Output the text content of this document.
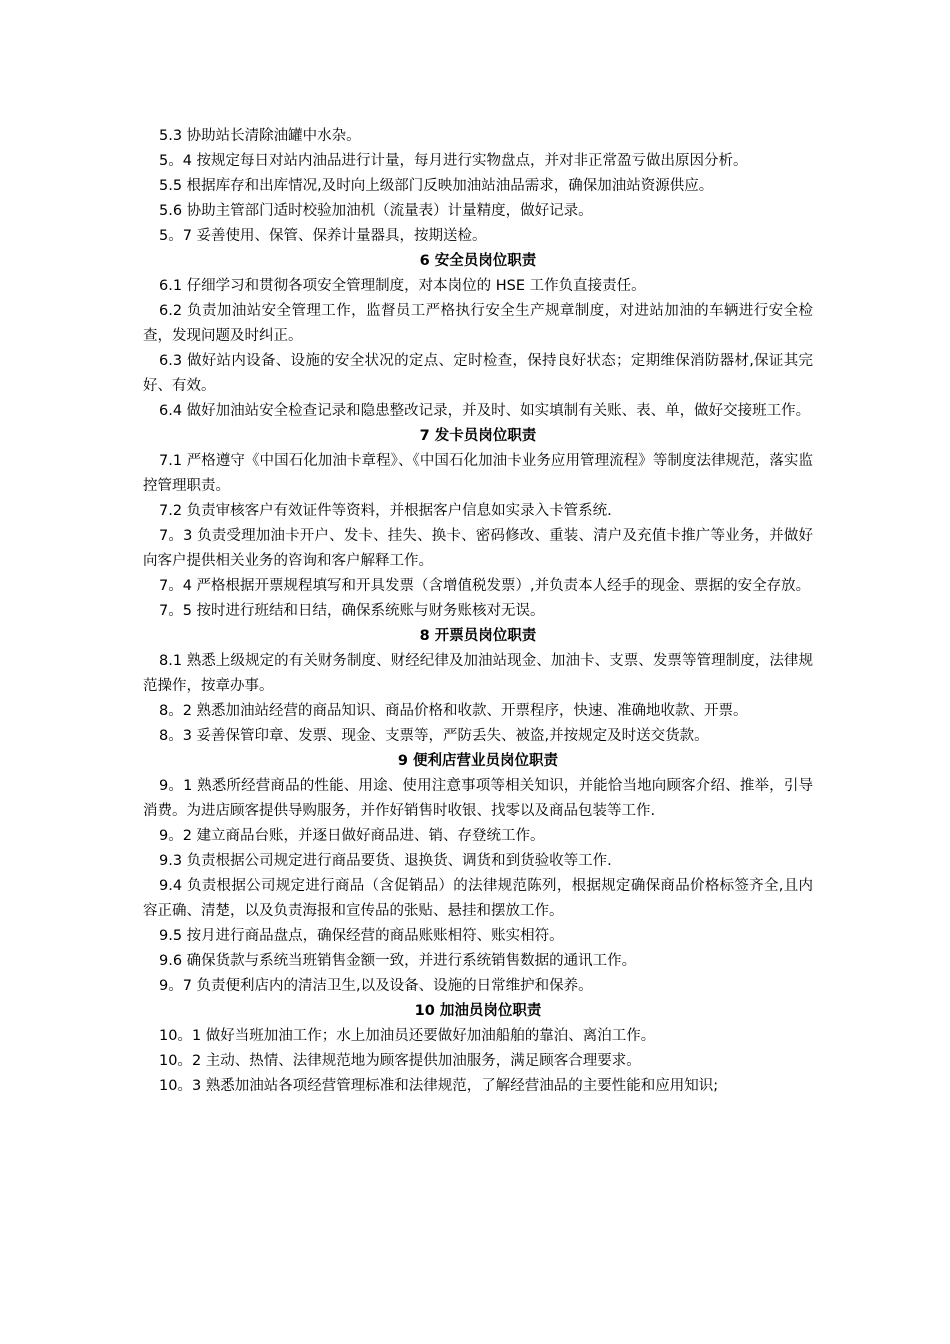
5.3 协助站长清除油罐中水杂。
5。4 按规定每日对站内油品进行计量，每月进行实物盘点，并对非正常盈亏做出原因分析。
5.5 根据库存和出库情况,及时向上级部门反映加油站油品需求，确保加油站资源供应。
5.6 协助主管部门适时校验加油机（流量表）计量精度，做好记录。
5。7 妥善使用、保管、保养计量器具，按期送检。
6 安全员岗位职责
6.1 仔细学习和贯彻各项安全管理制度，对本岗位的 HSE 工作负直接责任。
6.2 负责加油站安全管理工作，监督员工严格执行安全生产规章制度，对进站加油的车辆进行安全检查，发现问题及时纠正。
6.3 做好站内设备、设施的安全状况的定点、定时检查，保持良好状态；定期维保消防器材,保证其完好、有效。
6.4 做好加油站安全检查记录和隐患整改记录，并及时、如实填制有关账、表、单，做好交接班工作。
7 发卡员岗位职责
7.1 严格遵守《中国石化加油卡章程》、《中国石化加油卡业务应用管理流程》等制度法律规范，落实监控管理职责。
7.2 负责审核客户有效证件等资料，并根据客户信息如实录入卡管系统.
7。3 负责受理加油卡开户、发卡、挂失、换卡、密码修改、重装、清户及充值卡推广等业务，并做好向客户提供相关业务的咨询和客户解释工作。
7。4 严格根据开票规程填写和开具发票（含增值税发票）,并负责本人经手的现金、票据的安全存放。
7。5 按时进行班结和日结，确保系统账与财务账核对无误。
8 开票员岗位职责
8.1 熟悉上级规定的有关财务制度、财经纪律及加油站现金、加油卡、支票、发票等管理制度，法律规范操作，按章办事。
8。2 熟悉加油站经营的商品知识、商品价格和收款、开票程序，快速、准确地收款、开票。
8。3 妥善保管印章、发票、现金、支票等，严防丢失、被盗,并按规定及时送交货款。
9 便利店营业员岗位职责
9。1 熟悉所经营商品的性能、用途、使用注意事项等相关知识，并能恰当地向顾客介绍、推举，引导消费。为进店顾客提供导购服务，并作好销售时收银、找零以及商品包装等工作.
9。2 建立商品台账，并逐日做好商品进、销、存登统工作。
9.3 负责根据公司规定进行商品要货、退换货、调货和到货验收等工作.
9.4 负责根据公司规定进行商品（含促销品）的法律规范陈列，根据规定确保商品价格标签齐全,且内容正确、清楚，以及负责海报和宣传品的张贴、悬挂和摆放工作。
9.5 按月进行商品盘点，确保经营的商品账账相符、账实相符。
9.6 确保货款与系统当班销售金额一致，并进行系统销售数据的通讯工作。
9。7 负责便利店内的清洁卫生,以及设备、设施的日常维护和保养。
10 加油员岗位职责
10。1 做好当班加油工作；水上加油员还要做好加油船舶的靠泊、离泊工作。
10。2 主动、热情、法律规范地为顾客提供加油服务，满足顾客合理要求。
10。3 熟悉加油站各项经营管理标准和法律规范，了解经营油品的主要性能和应用知识;
